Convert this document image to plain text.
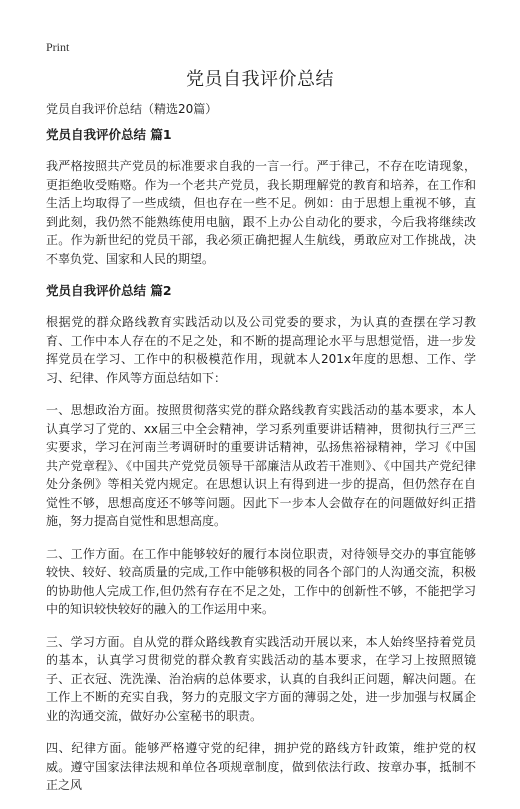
Print
党员自我评价总结

党员自我评价总结（精选20篇）

党员自我评价总结 篇1

我严格按照共产党员的标准要求自我的一言一行。严于律己，不存在吃请现象，更拒绝收受贿赂。作为一个老共产党员，我长期理解党的教育和培养，在工作和生活上均取得了一些成绩，但也存在一些不足。例如：由于思想上重视不够，直到此刻，我仍然不能熟练使用电脑，跟不上办公自动化的要求，今后我将继续改正。作为新世纪的党员干部，我必须正确把握人生航线，勇敢应对工作挑战，决不辜负党、国家和人民的期望。

党员自我评价总结 篇2

根据党的群众路线教育实践活动以及公司党委的要求，为认真的查摆在学习教育、工作中本人存在的不足之处，和不断的提高理论水平与思想觉悟，进一步发挥党员在学习、工作中的积极模范作用，现就本人201x年度的思想、工作、学习、纪律、作风等方面总结如下：

一、思想政治方面。按照贯彻落实党的群众路线教育实践活动的基本要求，本人认真学习了党的、xx届三中全会精神，学习系列重要讲话精神，贯彻执行三严三实要求，学习在河南兰考调研时的重要讲话精神，弘扬焦裕禄精神，学习《中国共产党章程》、《中国共产党党员领导干部廉洁从政若干准则》、《中国共产党纪律处分条例》等相关党内规定。在思想认识上有得到进一步的提高，但仍然存在自觉性不够，思想高度还不够等问题。因此下一步本人会做存在的问题做好纠正措施，努力提高自觉性和思想高度。

二、工作方面。在工作中能够较好的履行本岗位职责，对待领导交办的事宜能够较快、较好、较高质量的完成,工作中能够积极的同各个部门的人沟通交流，积极的协助他人完成工作,但仍然有存在不足之处，工作中的创新性不够，不能把学习中的知识较快较好的融入的工作运用中来。

三、学习方面。自从党的群众路线教育实践活动开展以来，本人始终坚持着党员的基本，认真学习贯彻党的群众教育实践活动的基本要求，在学习上按照照镜子、正衣冠、洗洗澡、治治病的总体要求，认真的自我纠正问题，解决问题。在工作上不断的充实自我，努力的克服文字方面的薄弱之处，进一步加强与权属企业的沟通交流，做好办公室秘书的职责。

四、纪律方面。能够严格遵守党的纪律，拥护党的路线方针政策，维护党的权威。遵守国家法律法规和单位各项规章制度，做到依法行政、按章办事，抵制不正之风
